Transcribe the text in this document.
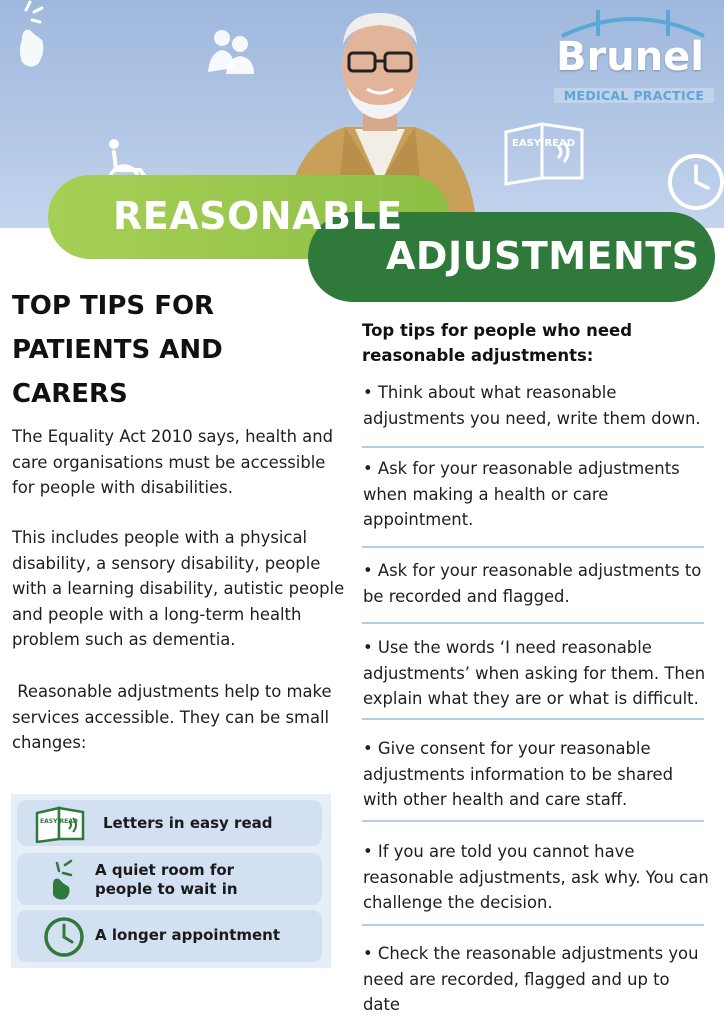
EASY READ
Brunel
MEDICAL PRACTICE
REASONABLE
ADJUSTMENTS
TOP TIPS FOR
PATIENTS AND
CARERS

The Equality Act 2010 says, health and care organisations must be accessible for people with disabilities.

This includes people with a physical disability, a sensory disability, people with a learning disability, autistic people and people with a long-term health problem such as dementia.

Reasonable adjustments help to make services accessible. They can be small changes:

EASY READ Letters in easy read
A quiet room for people to wait in
A longer appointment

Top tips for people who need reasonable adjustments:

• Think about what reasonable adjustments you need, write them down.

• Ask for your reasonable adjustments when making a health or care appointment.

• Ask for your reasonable adjustments to be recorded and flagged.

• Use the words ‘I need reasonable adjustments’ when asking for them. Then explain what they are or what is difficult.

• Give consent for your reasonable adjustments information to be shared with other health and care staff.

• If you are told you cannot have reasonable adjustments, ask why. You can challenge the decision.

• Check the reasonable adjustments you need are recorded, flagged and up to date
